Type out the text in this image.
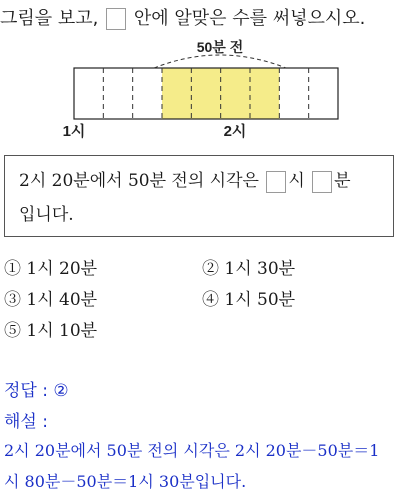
그림을 보고, 안에 알맞은 수를 써넣으시오.
50분 전
1시	2시
2시 20분에서 50분 전의 시각은 시 분
입니다.
① 1시 20분	② 1시 30분
③ 1시 40분	④ 1시 50분
⑤ 1시 10분
정답 : ②
해설 :
2시 20분에서 50분 전의 시각은 2시 20분－50분＝1
시 80분－50분＝1시 30분입니다.
